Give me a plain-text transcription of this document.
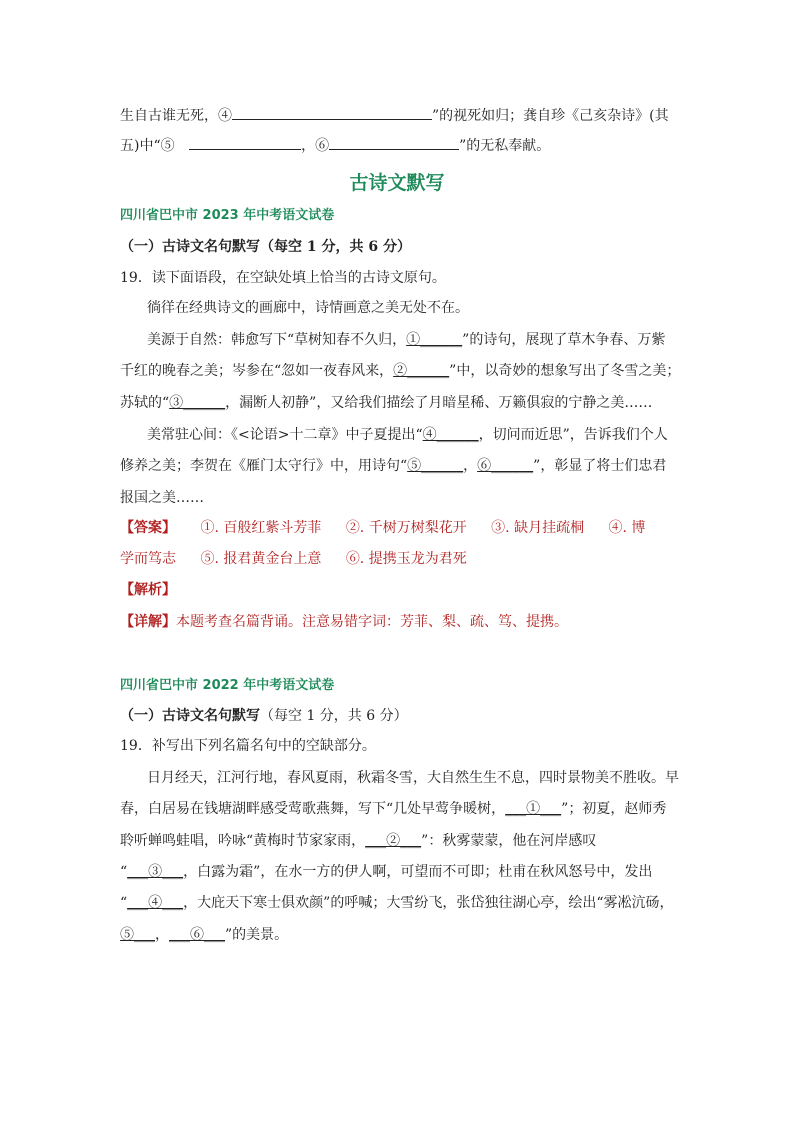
生自古谁无死，④	”的视死如归；龚自珍《己亥杂诗》(其
五)中“⑤	，⑥	”的无私奉献。
古诗文默写
四川省巴中市 2023 年中考语文试卷
（一）古诗文名句默写（每空 1 分，共 6 分）
19．读下面语段，在空缺处填上恰当的古诗文原句。
徜徉在经典诗文的画廊中，诗情画意之美无处不在。
美源于自然：韩愈写下“草树知春不久归，①______”的诗句，展现了草木争春、万紫
千红的晚春之美；岑参在“忽如一夜春风来，②______”中，以奇妙的想象写出了冬雪之美；
苏轼的“③______，漏断人初静”，又给我们描绘了月暗星稀、万籁俱寂的宁静之美……
美常驻心间：《<论语>十二章》中子夏提出“④______，切问而近思”，告诉我们个人
修养之美；李贺在《雁门太守行》中，用诗句“⑤______，⑥______”，彰显了将士们忠君
报国之美……
【答案】 ①. 百般红紫斗芳菲 ②. 千树万树梨花开 ③. 缺月挂疏桐 ④. 博
学而笃志 ⑤. 报君黄金台上意 ⑥. 提携玉龙为君死
【解析】
【详解】本题考查名篇背诵。注意易错字词：芳菲、梨、疏、笃、提携。
四川省巴中市 2022 年中考语文试卷
（一）古诗文名句默写（每空 1 分，共 6 分）
19．补写出下列名篇名句中的空缺部分。
日月经天，江河行地，春风夏雨，秋霜冬雪，大自然生生不息，四时景物美不胜收。早
春，白居易在钱塘湖畔感受莺歌燕舞，写下“几处早莺争暖树，___①___”；初夏，赵师秀
聆听蝉鸣蛙唱，吟咏“黄梅时节家家雨，___②___”：秋雾蒙蒙，他在河岸感叹
“___③___，白露为霜”，在水一方的伊人啊，可望而不可即；杜甫在秋风怒号中，发出
“___④___，大庇天下寒士俱欢颜”的呼喊；大雪纷飞，张岱独往湖心亭，绘出“雾凇沆砀，
⑤___，___⑥___”的美景。
